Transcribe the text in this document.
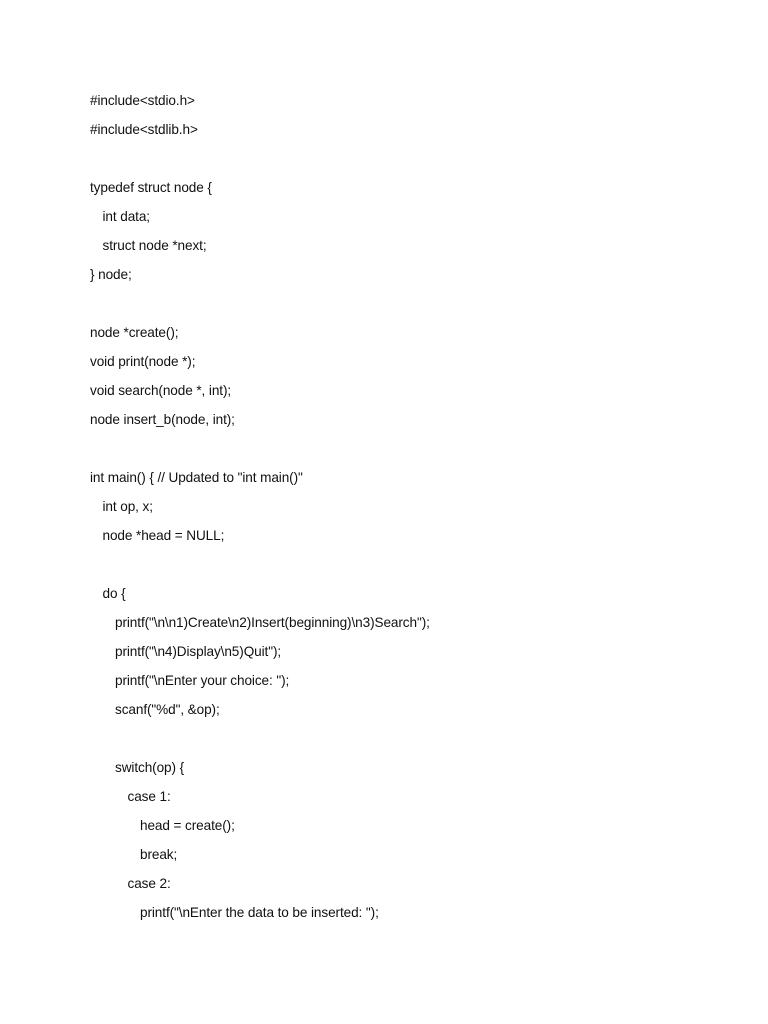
#include<stdio.h>
#include<stdlib.h>
typedef struct node {
int data;
struct node *next;
} node;
node *create();
void print(node *);
void search(node *, int);
node insert_b(node, int);
int main() { // Updated to "int main()"
int op, x;
node *head = NULL;
do {
printf("\n\n1)Create\n2)Insert(beginning)\n3)Search");
printf("\n4)Display\n5)Quit");
printf("\nEnter your choice: ");
scanf("%d", &op);
switch(op) {
case 1:
head = create();
break;
case 2:
printf("\nEnter the data to be inserted: ");
